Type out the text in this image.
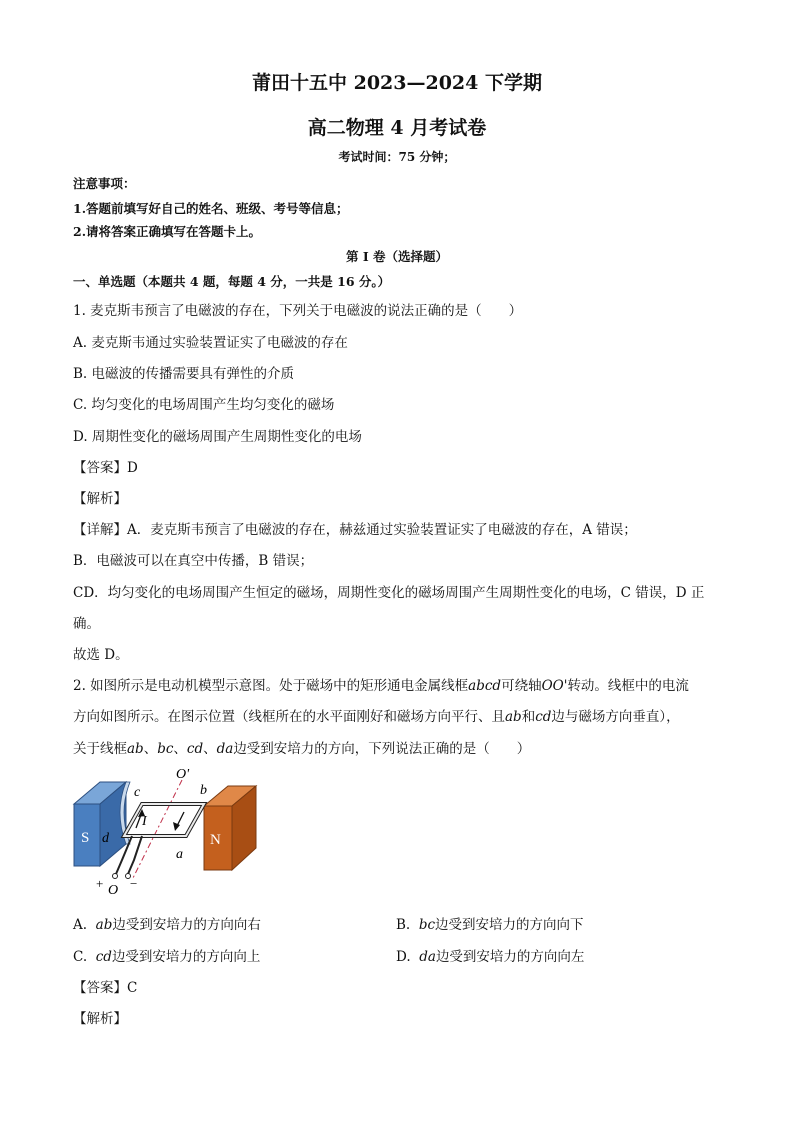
莆田十五中 2023—2024 下学期
高二物理 4 月考试卷
考试时间：75 分钟；
注意事项：
1.答题前填写好自己的姓名、班级、考号等信息；
2.请将答案正确填写在答题卡上。
第 I 卷（选择题）
一、单选题（本题共 4 题，每题 4 分，一共是 16 分。）
1. 麦克斯韦预言了电磁波的存在，下列关于电磁波的说法正确的是（　　）
A. 麦克斯韦通过实验装置证实了电磁波的存在
B. 电磁波的传播需要具有弹性的介质
C. 均匀变化的电场周围产生均匀变化的磁场
D. 周期性变化的磁场周围产生周期性变化的电场
【答案】D
【解析】
【详解】A．麦克斯韦预言了电磁波的存在，赫兹通过实验装置证实了电磁波的存在，A 错误；
B．电磁波可以在真空中传播，B 错误；
CD．均匀变化的电场周围产生恒定的磁场，周期性变化的磁场周围产生周期性变化的电场，C 错误，D 正
确。
故选 D。
2. 如图所示是电动机模型示意图。处于磁场中的矩形通电金属线框abcd可绕轴OO'转动。线框中的电流
方向如图所示。在图示位置（线框所在的水平面刚好和磁场方向平行、且ab和cd边与磁场方向垂直），
关于线框ab、bc、cd、da边受到安培力的方向，下列说法正确的是（　　）
S	N
O'
O
b
c
d
a
I
+ −
A. ab边受到安培力的方向向右	B. bc边受到安培力的方向向下
C. cd边受到安培力的方向向上	D. da边受到安培力的方向向左
【答案】C
【解析】
